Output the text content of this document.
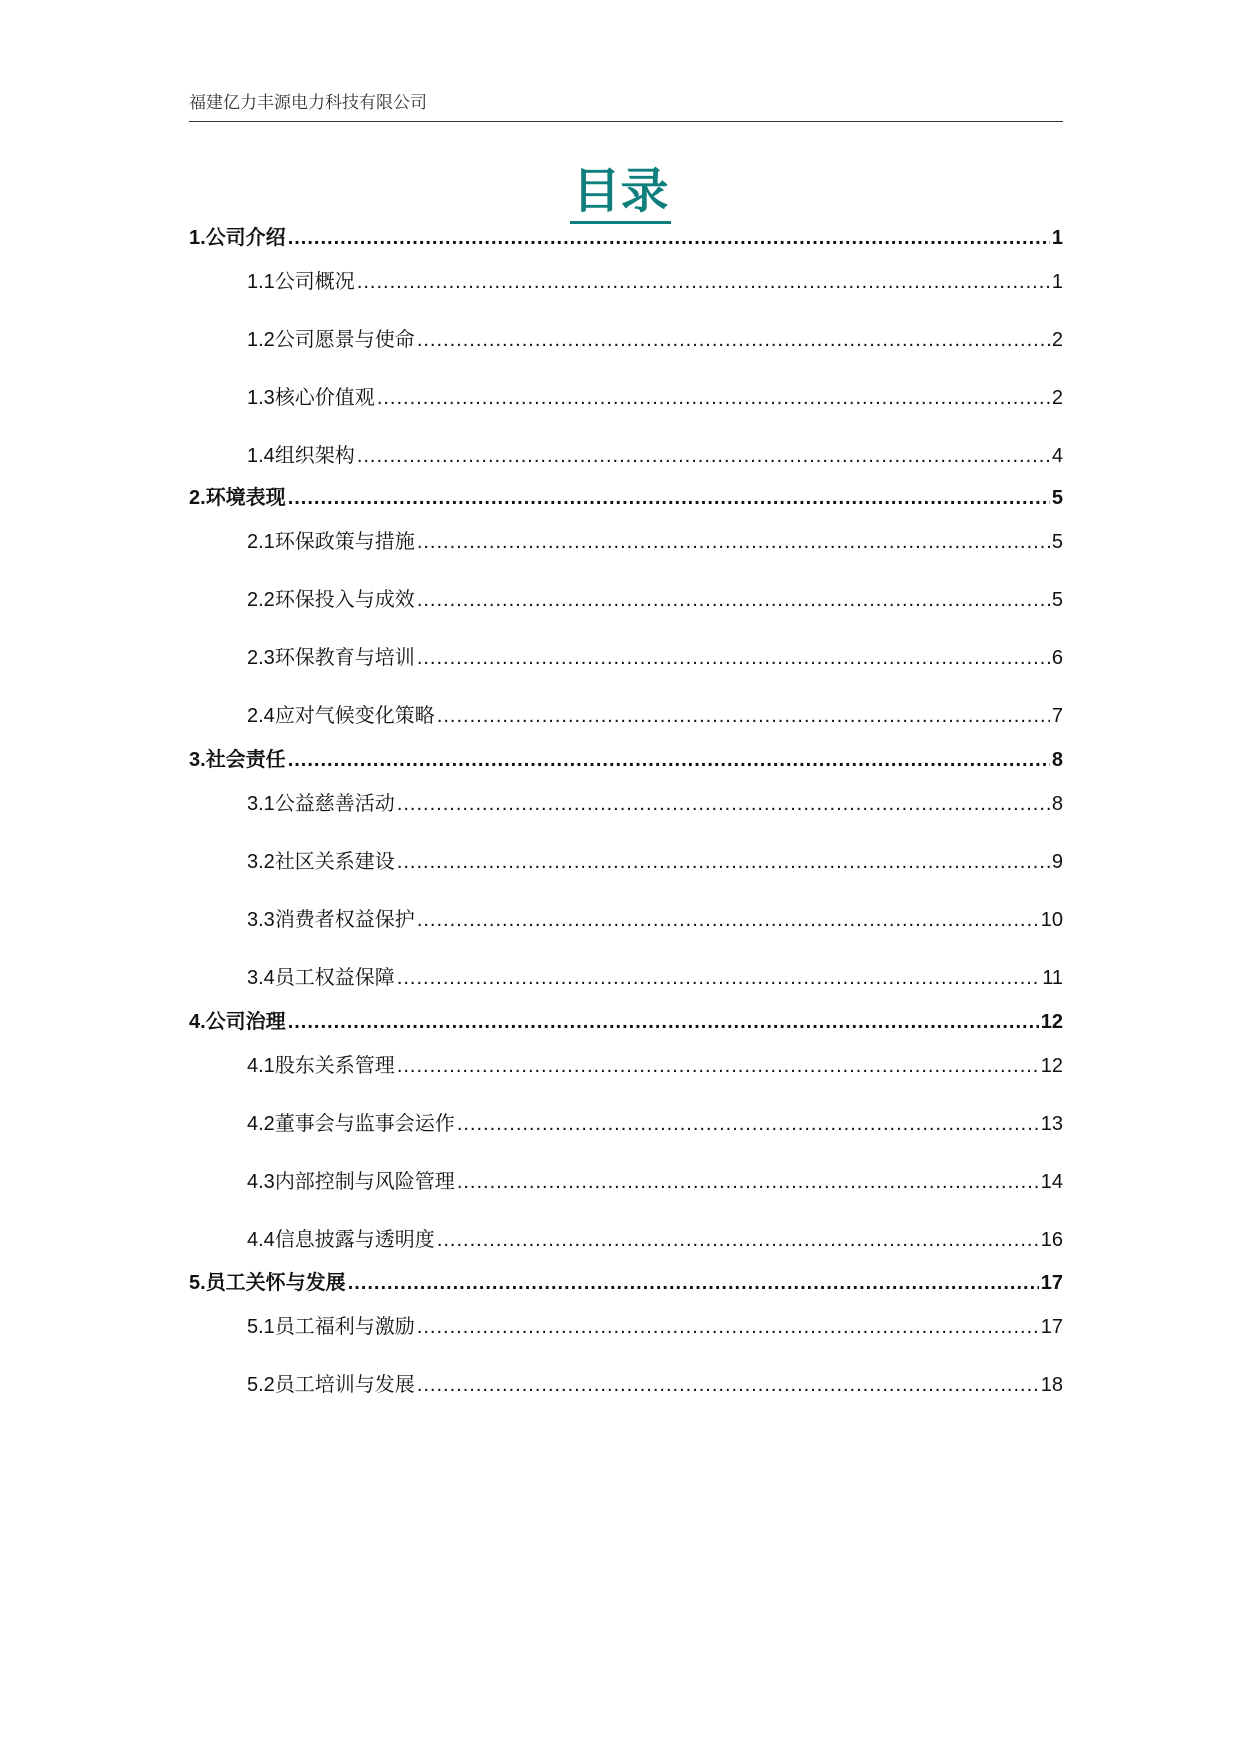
福建亿力丰源电力科技有限公司
目录
1. 公司介绍 .....	1
1.1 公司概况 .....	1
1.2 公司愿景与使命 .....	2
1.3 核心价值观 .....	2
1.4 组织架构 .....	4
2. 环境表现 .....	5
2.1 环保政策与措施 .....	5
2.2 环保投入与成效 .....	5
2.3 环保教育与培训 .....	6
2.4 应对气候变化策略 .....	7
3. 社会责任 .....	8
3.1 公益慈善活动 .....	8
3.2 社区关系建设 .....	9
3.3 消费者权益保护 .....	10
3.4 员工权益保障 .....	11
4. 公司治理 .....	12
4.1 股东关系管理 .....	12
4.2 董事会与监事会运作 .....	13
4.3 内部控制与风险管理 .....	14
4.4 信息披露与透明度 .....	16
5. 员工关怀与发展 .....	17
5.1 员工福利与激励 .....	17
5.2 员工培训与发展 .....	18
